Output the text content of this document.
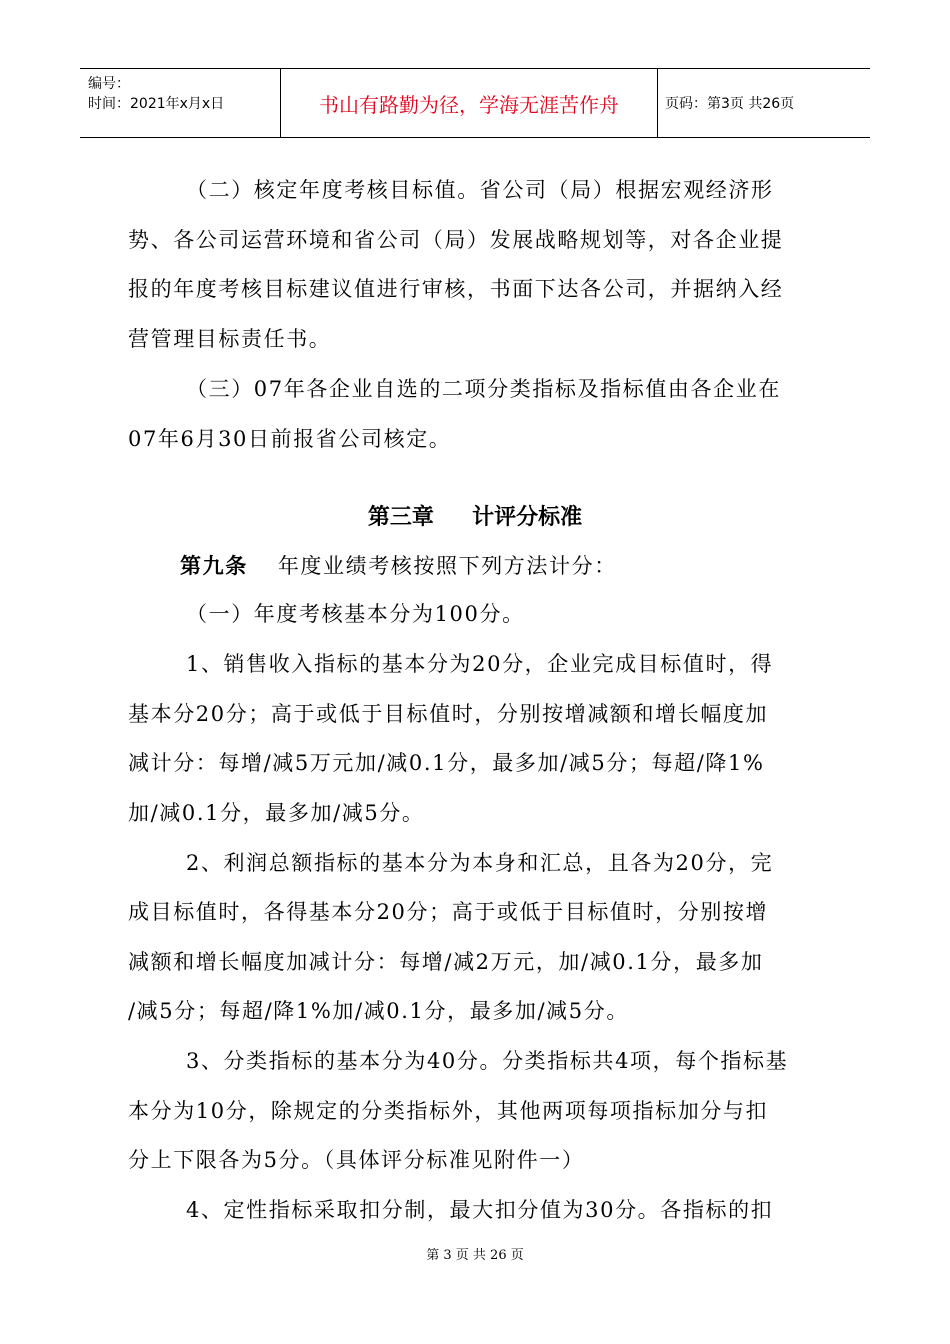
编号：
时间：2021年x月x日	书山有路勤为径，学海无涯苦作舟	页码：第3页 共26页
（二）核定年度考核目标值。省公司（局）根据宏观经济形
势、各公司运营环境和省公司（局）发展战略规划等，对各企业提
报的年度考核目标建议值进行审核，书面下达各公司，并据纳入经
营管理目标责任书。
（三）07年各企业自选的二项分类指标及指标值由各企业在
07年6月30日前报省公司核定。
第三章     计评分标准
第九条 年度业绩考核按照下列方法计分：
（一）年度考核基本分为100分。
1、销售收入指标的基本分为20分，企业完成目标值时，得
基本分20分；高于或低于目标值时，分别按增减额和增长幅度加
减计分：每增/减5万元加/减0.1分，最多加/减5分；每超/降1%
加/减0.1分，最多加/减5分。
2、利润总额指标的基本分为本身和汇总，且各为20分，完
成目标值时，各得基本分20分；高于或低于目标值时，分别按增
减额和增长幅度加减计分：每增/减2万元，加/减0.1分，最多加
/减5分；每超/降1%加/减0.1分，最多加/减5分。
3、分类指标的基本分为40分。分类指标共4项，每个指标基
本分为10分，除规定的分类指标外，其他两项每项指标加分与扣
分上下限各为5分。（具体评分标准见附件一）
4、定性指标采取扣分制，最大扣分值为30分。各指标的扣
第 3 页 共 26 页
